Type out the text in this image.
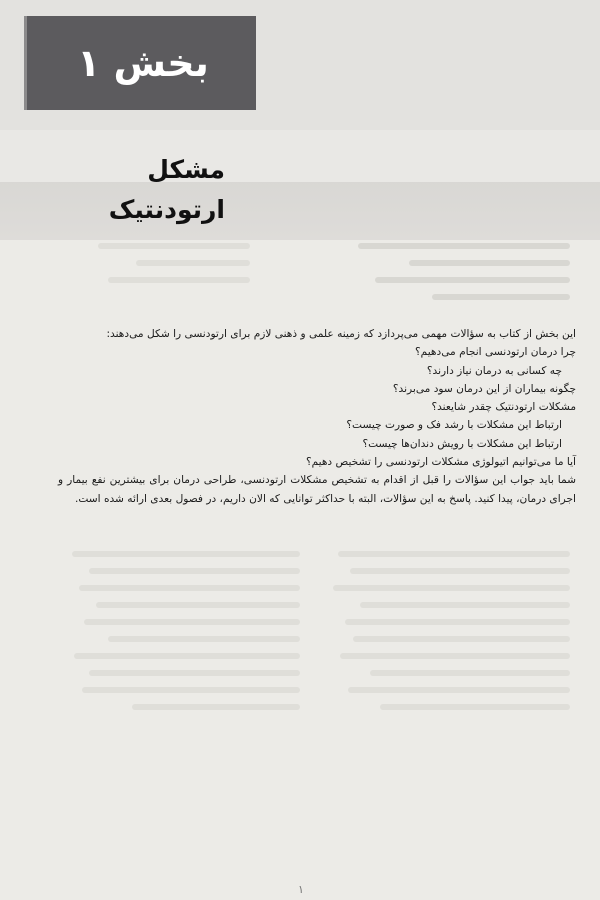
بخش ۱
مشکل ارتودنتیک

این بخش از کتاب به سؤالات مهمی می‌پردازد که زمینه علمی و ذهنی لازم برای ارتودنسی را شکل می‌دهند:

چرا درمان ارتودنسی انجام می‌دهیم؟

چه کسانی به درمان نیاز دارند؟

چگونه بیماران از این درمان سود می‌برند؟

مشکلات ارتودنتیک چقدر شایعند؟

ارتباط این مشکلات با رشد فک و صورت چیست؟

ارتباط این مشکلات با رویش دندان‌ها چیست؟

آیا ما می‌توانیم اتیولوژی مشکلات ارتودنسی را تشخیص دهیم؟

شما باید جواب این سؤالات را قبل از اقدام به تشخیص مشکلات ارتودنسی، طراحی درمان برای بیشترین نفع بیمار و اجرای درمان، پیدا کنید. پاسخ به این سؤالات، البته با حداکثر توانایی که الان داریم، در فصول بعدی ارائه شده است.

۱
